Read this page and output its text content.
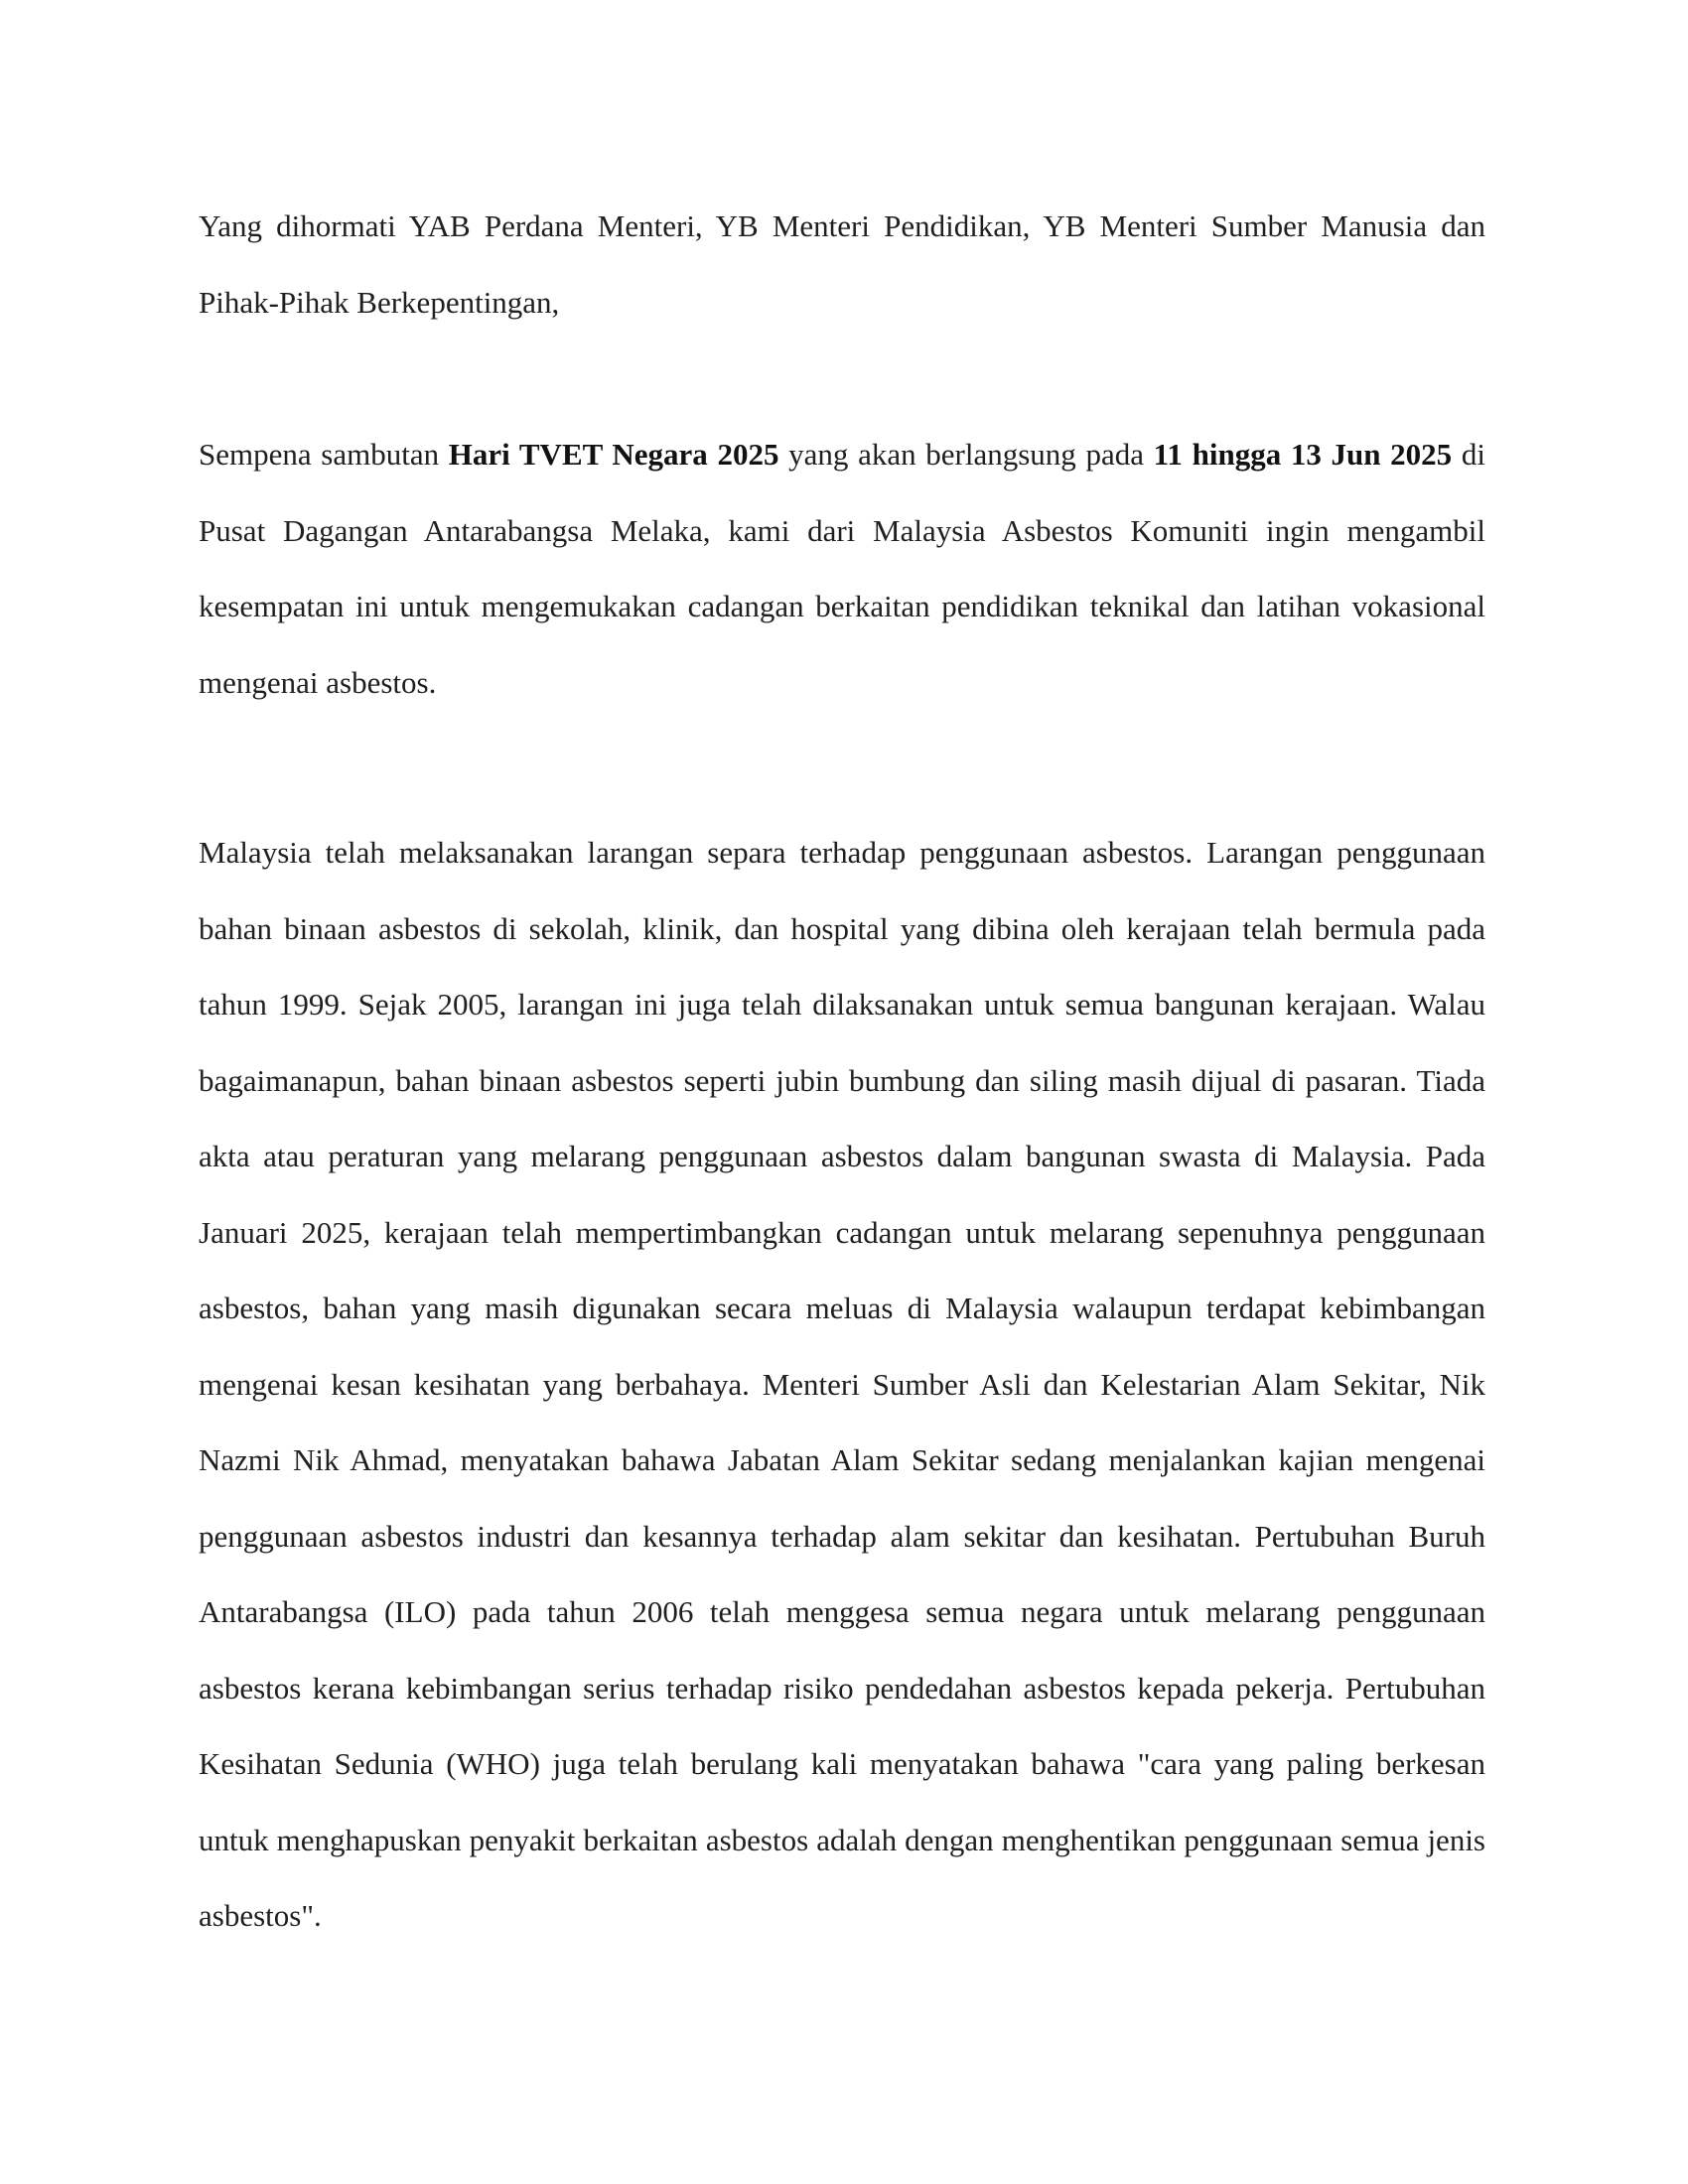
Yang dihormati YAB Perdana Menteri, YB Menteri Pendidikan, YB Menteri Sumber Manusia dan Pihak-Pihak Berkepentingan,

Sempena sambutan Hari TVET Negara 2025 yang akan berlangsung pada 11 hingga 13 Jun 2025 di Pusat Dagangan Antarabangsa Melaka, kami dari Malaysia Asbestos Komuniti ingin mengambil kesempatan ini untuk mengemukakan cadangan berkaitan pendidikan teknikal dan latihan vokasional mengenai asbestos.

Malaysia telah melaksanakan larangan separa terhadap penggunaan asbestos. Larangan penggunaan bahan binaan asbestos di sekolah, klinik, dan hospital yang dibina oleh kerajaan telah bermula pada tahun 1999. Sejak 2005, larangan ini juga telah dilaksanakan untuk semua bangunan kerajaan. Walau bagaimanapun, bahan binaan asbestos seperti jubin bumbung dan siling masih dijual di pasaran. Tiada akta atau peraturan yang melarang penggunaan asbestos dalam bangunan swasta di Malaysia. Pada Januari 2025, kerajaan telah mempertimbangkan cadangan untuk melarang sepenuhnya penggunaan asbestos, bahan yang masih digunakan secara meluas di Malaysia walaupun terdapat kebimbangan mengenai kesan kesihatan yang berbahaya. Menteri Sumber Asli dan Kelestarian Alam Sekitar, Nik Nazmi Nik Ahmad, menyatakan bahawa Jabatan Alam Sekitar sedang menjalankan kajian mengenai penggunaan asbestos industri dan kesannya terhadap alam sekitar dan kesihatan. Pertubuhan Buruh Antarabangsa (ILO) pada tahun 2006 telah menggesa semua negara untuk melarang penggunaan asbestos kerana kebimbangan serius terhadap risiko pendedahan asbestos kepada pekerja. Pertubuhan Kesihatan Sedunia (WHO) juga telah berulang kali menyatakan bahawa "cara yang paling berkesan untuk menghapuskan penyakit berkaitan asbestos adalah dengan menghentikan penggunaan semua jenis asbestos".
